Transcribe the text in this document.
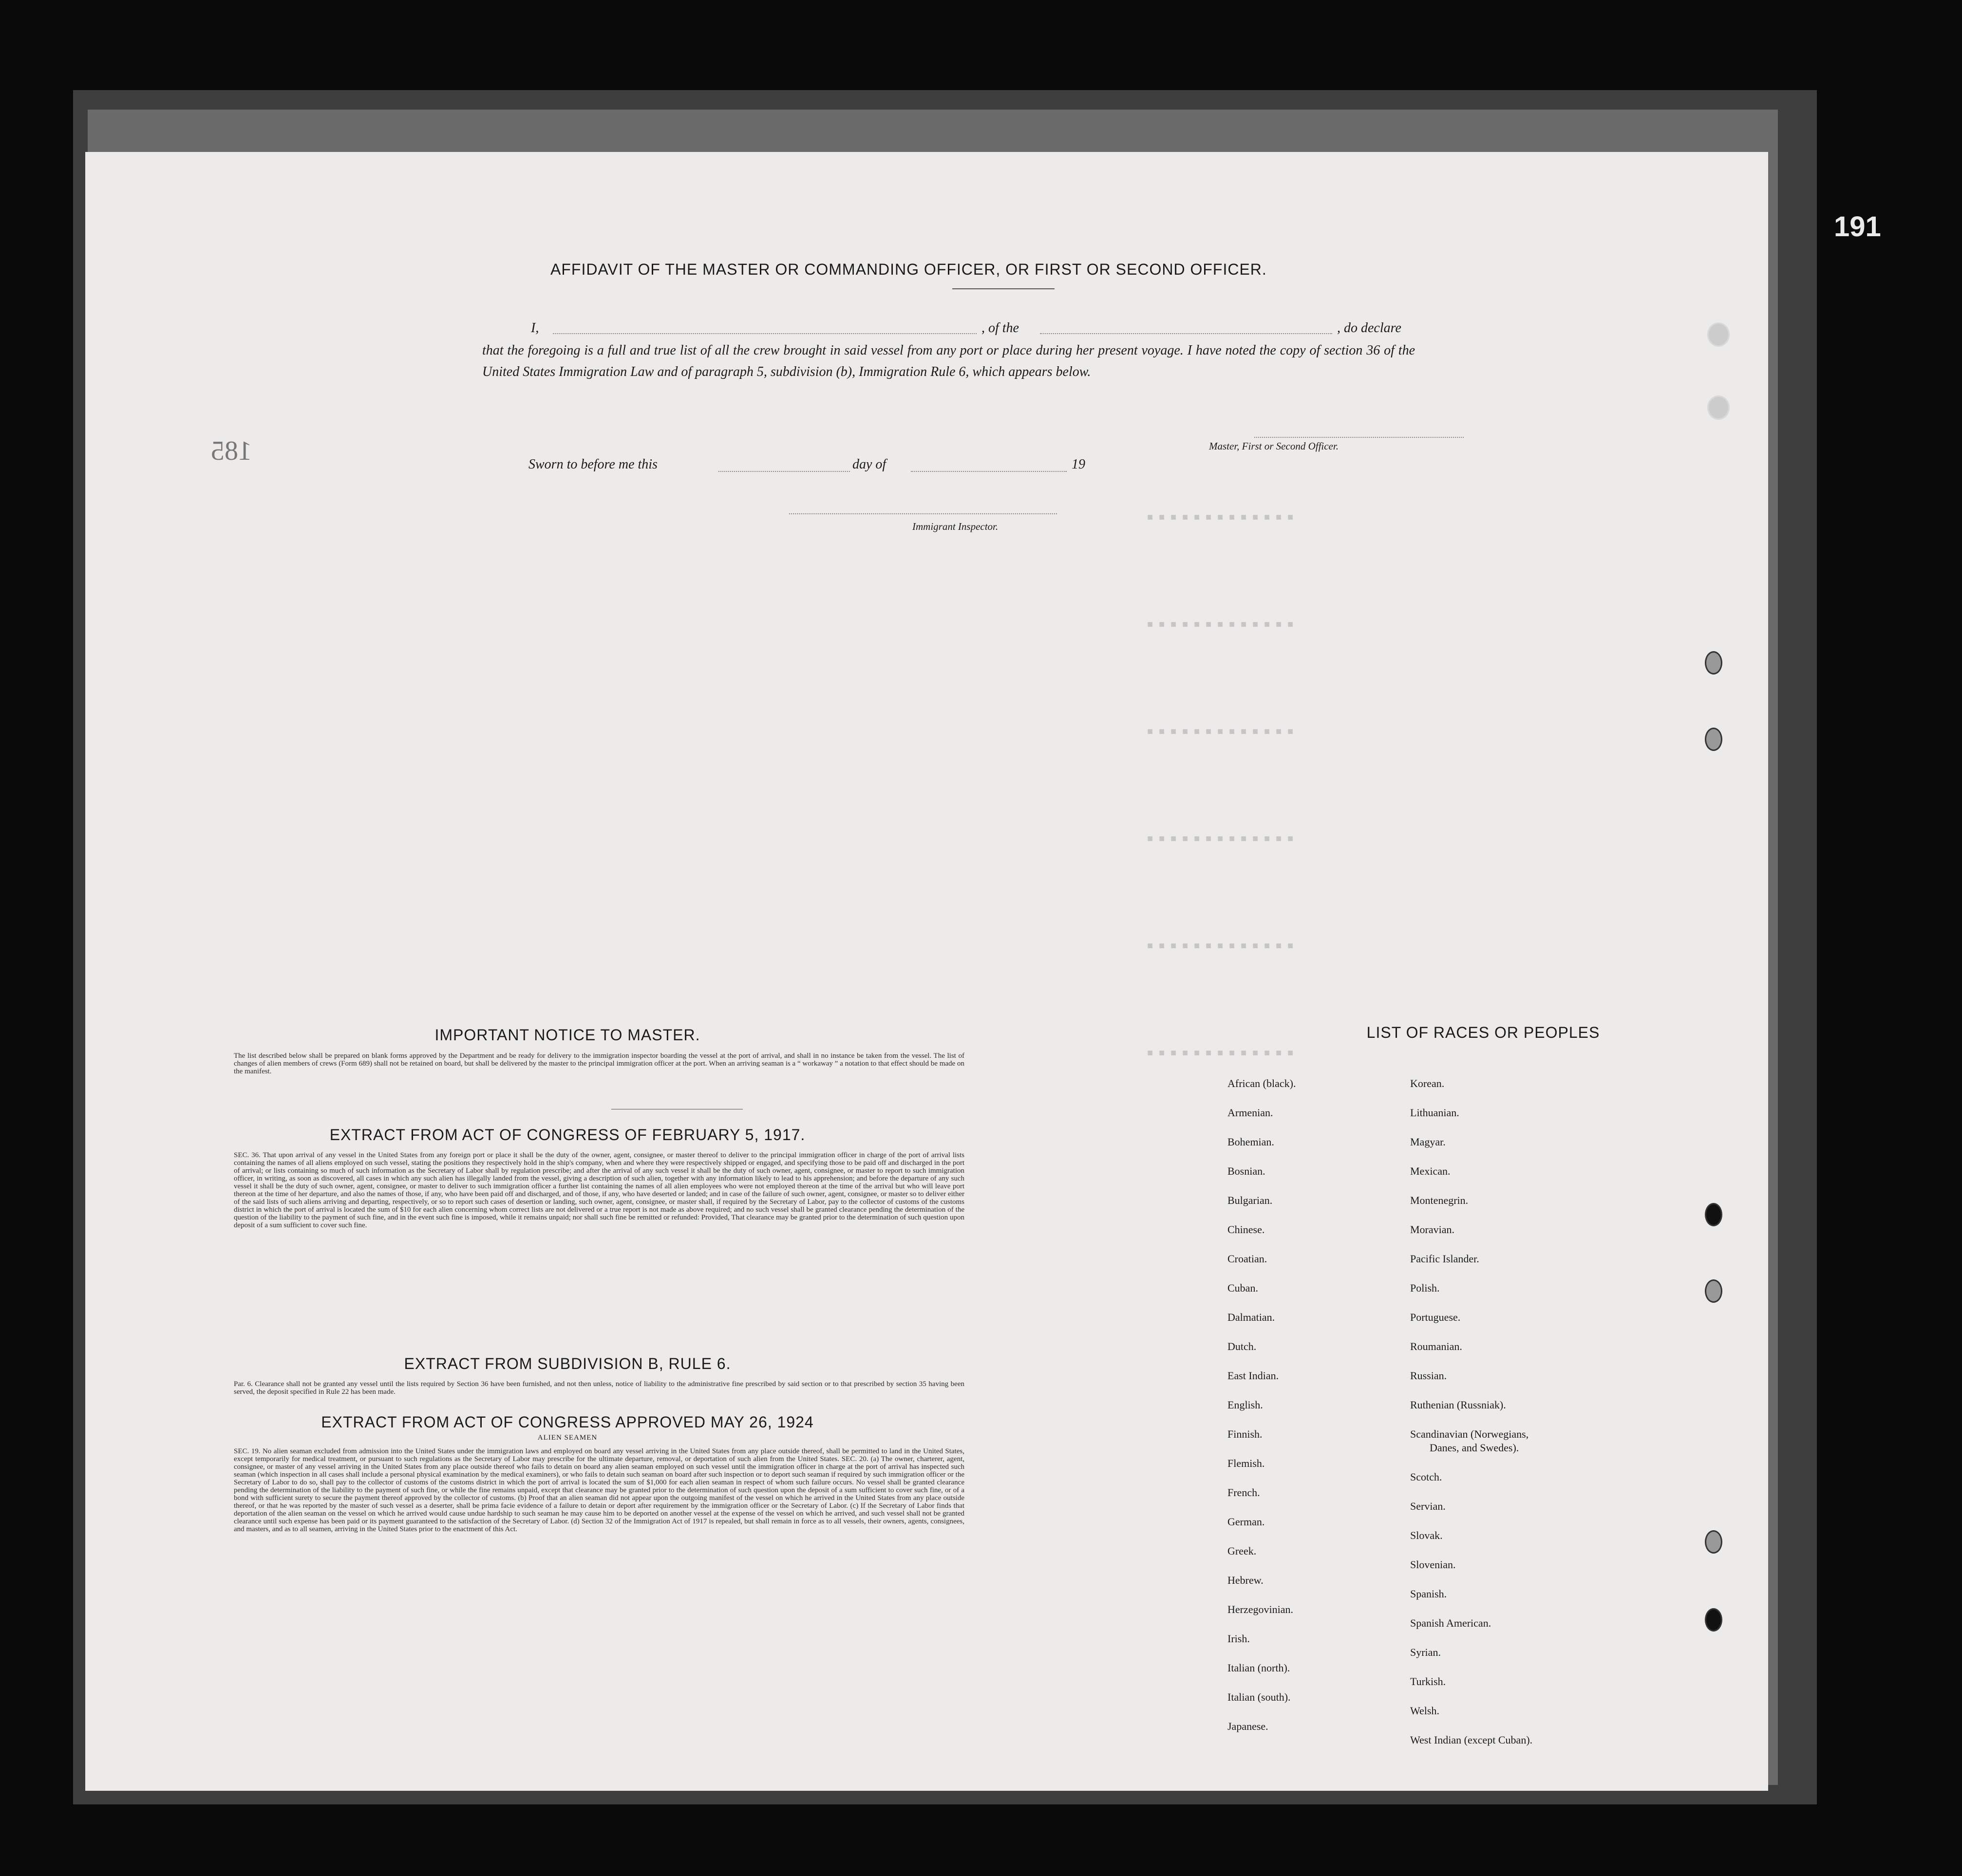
191
185
■ ■ ■ ■ ■ ■ ■ ■ ■ ■ ■ ■ ■
■ ■ ■ ■ ■ ■ ■ ■ ■ ■ ■ ■ ■
■ ■ ■ ■ ■ ■ ■ ■ ■ ■ ■ ■ ■
■ ■ ■ ■ ■ ■ ■ ■ ■ ■ ■ ■ ■
■ ■ ■ ■ ■ ■ ■ ■ ■ ■ ■ ■ ■
■ ■ ■ ■ ■ ■ ■ ■ ■ ■ ■ ■ ■
AFFIDAVIT OF THE MASTER OR COMMANDING OFFICER, OR FIRST OR SECOND OFFICER.
I,	, of the	, do declare
that the foregoing is a full and true list of all the crew brought in said vessel from any port or place during her present voyage. I have noted the copy of section 36 of the United States Immigration Law and of paragraph 5, subdivision (b), Immigration Rule 6, which appears below.
Master, First or Second Officer.
Sworn to before me this	day of	19
Immigrant Inspector.
IMPORTANT NOTICE TO MASTER.
The list described below shall be prepared on blank forms approved by the Department and be ready for delivery to the immigration inspector boarding the vessel at the port of arrival, and shall in no instance be taken from the vessel. The list of changes of alien members of crews (Form 689) shall not be retained on board, but shall be delivered by the master to the principal immigration officer at the port. When an arriving seaman is a “ workaway ” a notation to that effect should be made on the manifest.
EXTRACT FROM ACT OF CONGRESS OF FEBRUARY 5, 1917.
SEC. 36. That upon arrival of any vessel in the United States from any foreign port or place it shall be the duty of the owner, agent, consignee, or master thereof to deliver to the principal immigration officer in charge of the port of arrival lists containing the names of all aliens employed on such vessel, stating the positions they respectively hold in the ship's company, when and where they were respectively shipped or engaged, and specifying those to be paid off and discharged in the port of arrival; or lists containing so much of such information as the Secretary of Labor shall by regulation prescribe; and after the arrival of any such vessel it shall be the duty of such owner, agent, consignee, or master to report to such immigration officer, in writing, as soon as discovered, all cases in which any such alien has illegally landed from the vessel, giving a description of such alien, together with any information likely to lead to his apprehension; and before the departure of any such vessel it shall be the duty of such owner, agent, consignee, or master to deliver to such immigration officer a further list containing the names of all alien employees who were not employed thereon at the time of the arrival but who will leave port thereon at the time of her departure, and also the names of those, if any, who have been paid off and discharged, and of those, if any, who have deserted or landed; and in case of the failure of such owner, agent, consignee, or master so to deliver either of the said lists of such aliens arriving and departing, respectively, or so to report such cases of desertion or landing, such owner, agent, consignee, or master shall, if required by the Secretary of Labor, pay to the collector of customs of the customs district in which the port of arrival is located the sum of $10 for each alien concerning whom correct lists are not delivered or a true report is not made as above required; and no such vessel shall be granted clearance pending the determination of the question of the liability to the payment of such fine, and in the event such fine is imposed, while it remains unpaid; nor shall such fine be remitted or refunded: Provided, That clearance may be granted prior to the determination of such question upon deposit of a sum sufficient to cover such fine.
EXTRACT FROM SUBDIVISION B, RULE 6.
Par. 6. Clearance shall not be granted any vessel until the lists required by Section 36 have been furnished, and not then unless, notice of liability to the administrative fine prescribed by said section or to that prescribed by section 35 having been served, the deposit specified in Rule 22 has been made.
EXTRACT FROM ACT OF CONGRESS APPROVED MAY 26, 1924
ALIEN SEAMEN
SEC. 19. No alien seaman excluded from admission into the United States under the immigration laws and employed on board any vessel arriving in the United States from any place outside thereof, shall be permitted to land in the United States, except temporarily for medical treatment, or pursuant to such regulations as the Secretary of Labor may prescribe for the ultimate departure, removal, or deportation of such alien from the United States. SEC. 20. (a) The owner, charterer, agent, consignee, or master of any vessel arriving in the United States from any place outside thereof who fails to detain on board any alien seaman employed on such vessel until the immigration officer in charge at the port of arrival has inspected such seaman (which inspection in all cases shall include a personal physical examination by the medical examiners), or who fails to detain such seaman on board after such inspection or to deport such seaman if required by such immigration officer or the Secretary of Labor to do so, shall pay to the collector of customs of the customs district in which the port of arrival is located the sum of $1,000 for each alien seaman in respect of whom such failure occurs. No vessel shall be granted clearance pending the determination of the liability to the payment of such fine, or while the fine remains unpaid, except that clearance may be granted prior to the determination of such question upon the deposit of a sum sufficient to cover such fine, or of a bond with sufficient surety to secure the payment thereof approved by the collector of customs. (b) Proof that an alien seaman did not appear upon the outgoing manifest of the vessel on which he arrived in the United States from any place outside thereof, or that he was reported by the master of such vessel as a deserter, shall be prima facie evidence of a failure to detain or deport after requirement by the immigration officer or the Secretary of Labor. (c) If the Secretary of Labor finds that deportation of the alien seaman on the vessel on which he arrived would cause undue hardship to such seaman he may cause him to be deported on another vessel at the expense of the vessel on which he arrived, and such vessel shall not be granted clearance until such expense has been paid or its payment guaranteed to the satisfaction of the Secretary of Labor. (d) Section 32 of the Immigration Act of 1917 is repealed, but shall remain in force as to all vessels, their owners, agents, consignees, and masters, and as to all seamen, arriving in the United States prior to the enactment of this Act.
LIST OF RACES OR PEOPLES
African (black).
Armenian.
Bohemian.
Bosnian.
Bulgarian.
Chinese.
Croatian.
Cuban.
Dalmatian.
Dutch.
East Indian.
English.
Finnish.
Flemish.
French.
German.
Greek.
Hebrew.
Herzegovinian.
Irish.
Italian (north).
Italian (south).
Japanese.
Korean.
Lithuanian.
Magyar.
Mexican.
Montenegrin.
Moravian.
Pacific Islander.
Polish.
Portuguese.
Roumanian.
Russian.
Ruthenian (Russniak).
Scandinavian (Norwegians,
Danes, and Swedes).
Scotch.
Servian.
Slovak.
Slovenian.
Spanish.
Spanish American.
Syrian.
Turkish.
Welsh.
West Indian (except Cuban).
